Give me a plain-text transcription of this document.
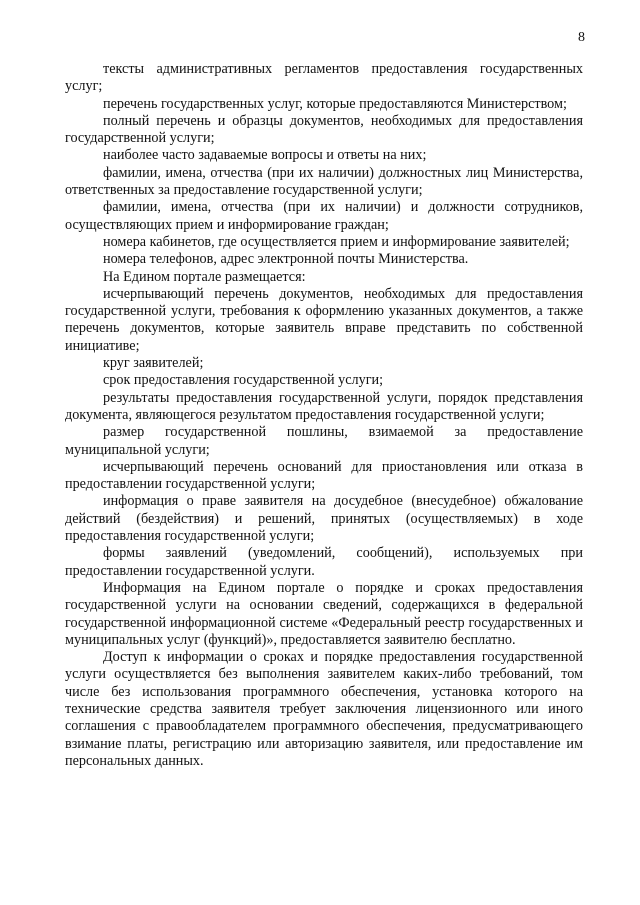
8

тексты административных регламентов предоставления государственных услуг;

перечень государственных услуг, которые предоставляются Министерством;

полный перечень и образцы документов, необходимых для предоставления государственной услуги;

наиболее часто задаваемые вопросы и ответы на них;

фамилии, имена, отчества (при их наличии) должностных лиц Министерства, ответственных за предоставление государственной услуги;

фамилии, имена, отчества (при их наличии) и должности сотрудников, осуществляющих прием и информирование граждан;

номера кабинетов, где осуществляется прием и информирование заявителей;

номера телефонов, адрес электронной почты Министерства.

На Едином портале размещается:

исчерпывающий перечень документов, необходимых для предоставления государственной услуги, требования к оформлению указанных документов, а также перечень документов, которые заявитель вправе представить по собственной инициативе;

круг заявителей;

срок предоставления государственной услуги;

результаты предоставления государственной услуги, порядок представления документа, являющегося результатом предоставления государственной услуги;

размер государственной пошлины, взимаемой за предоставление муниципальной услуги;

исчерпывающий перечень оснований для приостановления или отказа в предоставлении государственной услуги;

информация о праве заявителя на досудебное (внесудебное) обжалование действий (бездействия) и решений, принятых (осуществляемых) в ходе предоставления государственной услуги;

формы заявлений (уведомлений, сообщений), используемых при предоставлении государственной услуги.

Информация на Едином портале о порядке и сроках предоставления государственной услуги на основании сведений, содержащихся в федеральной государственной информационной системе «Федеральный реестр государственных и муниципальных услуг (функций)», предоставляется заявителю бесплатно.

Доступ к информации о сроках и порядке предоставления государственной услуги осуществляется без выполнения заявителем каких-либо требований, том числе без использования программного обеспечения, установка которого на технические средства заявителя требует заключения лицензионного или иного соглашения с правообладателем программного обеспечения, предусматривающего взимание платы, регистрацию или авторизацию заявителя, или предоставление им персональных данных.
